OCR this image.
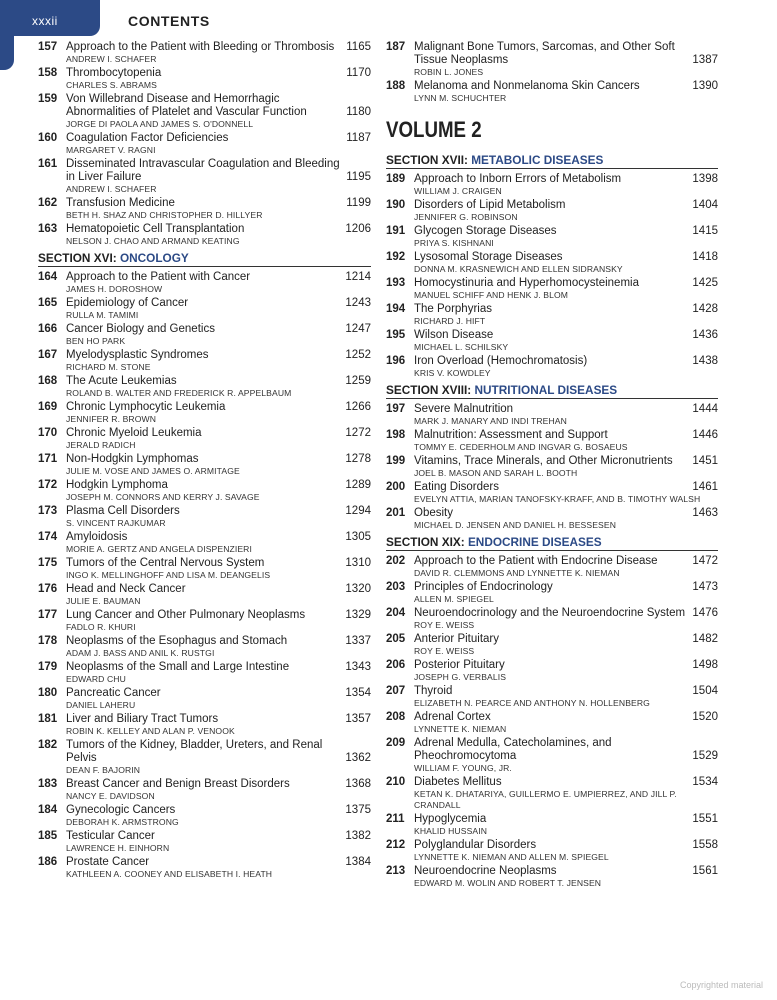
xxxii	CONTENTS
157 Approach to the Patient with Bleeding or Thrombosis	1165
ANDREW I. SCHAFER
158 Thrombocytopenia	1170
CHARLES S. ABRAMS
159 Von Willebrand Disease and Hemorrhagic Abnormalities of Platelet and Vascular Function	1180
JORGE DI PAOLA AND JAMES S. O'DONNELL
160 Coagulation Factor Deficiencies	1187
MARGARET V. RAGNI
161 Disseminated Intravascular Coagulation and Bleeding in Liver Failure	1195
ANDREW I. SCHAFER
162 Transfusion Medicine	1199
BETH H. SHAZ AND CHRISTOPHER D. HILLYER
163 Hematopoietic Cell Transplantation	1206
NELSON J. CHAO AND ARMAND KEATING
SECTION XVI: ONCOLOGY
164 Approach to the Patient with Cancer	1214
JAMES H. DOROSHOW
165 Epidemiology of Cancer	1243
RULLA M. TAMIMI
166 Cancer Biology and Genetics	1247
BEN HO PARK
167 Myelodysplastic Syndromes	1252
RICHARD M. STONE
168 The Acute Leukemias	1259
ROLAND B. WALTER AND FREDERICK R. APPELBAUM
169 Chronic Lymphocytic Leukemia	1266
JENNIFER R. BROWN
170 Chronic Myeloid Leukemia	1272
JERALD RADICH
171 Non-Hodgkin Lymphomas	1278
JULIE M. VOSE AND JAMES O. ARMITAGE
172 Hodgkin Lymphoma	1289
JOSEPH M. CONNORS AND KERRY J. SAVAGE
173 Plasma Cell Disorders	1294
S. VINCENT RAJKUMAR
174 Amyloidosis	1305
MORIE A. GERTZ AND ANGELA DISPENZIERI
175 Tumors of the Central Nervous System	1310
INGO K. MELLINGHOFF AND LISA M. DEANGELIS
176 Head and Neck Cancer	1320
JULIE E. BAUMAN
177 Lung Cancer and Other Pulmonary Neoplasms	1329
FADLO R. KHURI
178 Neoplasms of the Esophagus and Stomach	1337
ADAM J. BASS AND ANIL K. RUSTGI
179 Neoplasms of the Small and Large Intestine	1343
EDWARD CHU
180 Pancreatic Cancer	1354
DANIEL LAHERU
181 Liver and Biliary Tract Tumors	1357
ROBIN K. KELLEY AND ALAN P. VENOOK
182 Tumors of the Kidney, Bladder, Ureters, and Renal Pelvis	1362
DEAN F. BAJORIN
183 Breast Cancer and Benign Breast Disorders	1368
NANCY E. DAVIDSON
184 Gynecologic Cancers	1375
DEBORAH K. ARMSTRONG
185 Testicular Cancer	1382
LAWRENCE H. EINHORN
186 Prostate Cancer	1384
KATHLEEN A. COONEY AND ELISABETH I. HEATH
187 Malignant Bone Tumors, Sarcomas, and Other Soft Tissue Neoplasms	1387
ROBIN L. JONES
188 Melanoma and Nonmelanoma Skin Cancers	1390
LYNN M. SCHUCHTER
VOLUME 2
SECTION XVII: METABOLIC DISEASES
189 Approach to Inborn Errors of Metabolism	1398
WILLIAM J. CRAIGEN
190 Disorders of Lipid Metabolism	1404
JENNIFER G. ROBINSON
191 Glycogen Storage Diseases	1415
PRIYA S. KISHNANI
192 Lysosomal Storage Diseases	1418
DONNA M. KRASNEWICH AND ELLEN SIDRANSKY
193 Homocystinuria and Hyperhomocysteinemia	1425
MANUEL SCHIFF AND HENK J. BLOM
194 The Porphyrias	1428
RICHARD J. HIFT
195 Wilson Disease	1436
MICHAEL L. SCHILSKY
196 Iron Overload (Hemochromatosis)	1438
KRIS V. KOWDLEY
SECTION XVIII: NUTRITIONAL DISEASES
197 Severe Malnutrition	1444
MARK J. MANARY AND INDI TREHAN
198 Malnutrition: Assessment and Support	1446
TOMMY E. CEDERHOLM AND INGVAR G. BOSAEUS
199 Vitamins, Trace Minerals, and Other Micronutrients	1451
JOEL B. MASON AND SARAH L. BOOTH
200 Eating Disorders	1461
EVELYN ATTIA, MARIAN TANOFSKY-KRAFF, AND B. TIMOTHY WALSH
201 Obesity	1463
MICHAEL D. JENSEN AND DANIEL H. BESSESEN
SECTION XIX: ENDOCRINE DISEASES
202 Approach to the Patient with Endocrine Disease	1472
DAVID R. CLEMMONS AND LYNNETTE K. NIEMAN
203 Principles of Endocrinology	1473
ALLEN M. SPIEGEL
204 Neuroendocrinology and the Neuroendocrine System 1476
ROY E. WEISS
205 Anterior Pituitary	1482
ROY E. WEISS
206 Posterior Pituitary	1498
JOSEPH G. VERBALIS
207 Thyroid	1504
ELIZABETH N. PEARCE AND ANTHONY N. HOLLENBERG
208 Adrenal Cortex	1520
LYNNETTE K. NIEMAN
209 Adrenal Medulla, Catecholamines, and Pheochromocytoma	1529
WILLIAM F. YOUNG, JR.
210 Diabetes Mellitus	1534
KETAN K. DHATARIYA, GUILLERMO E. UMPIERREZ, AND JILL P. CRANDALL
211 Hypoglycemia	1551
KHALID HUSSAIN
212 Polyglandular Disorders	1558
LYNNETTE K. NIEMAN AND ALLEN M. SPIEGEL
213 Neuroendocrine Neoplasms	1561
EDWARD M. WOLIN AND ROBERT T. JENSEN
Copyrighted material
